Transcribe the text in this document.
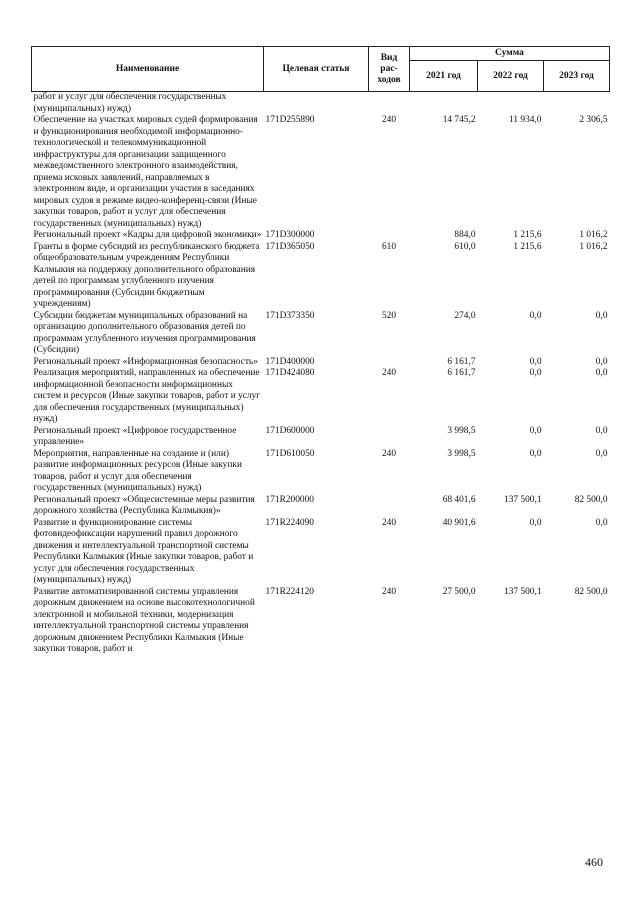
Наименование	Целевая статья	Вид рас-ходов	Сумма		
			2021 год	2022 год	2023 год
работ и услуг для обеспечения государственных (муниципальных) нужд)					
Обеспечение на участках мировых судей формирования и функционирования необходимой информационно-технологической и телекоммуникационной инфраструктуры для организации защищенного межведомственного электронного взаимодействия, приема исковых заявлений, направляемых в электронном виде, и организации участия в заседаниях мировых судов в режиме видео-конференц-связи (Иные закупки товаров, работ и услуг для обеспечения государственных (муниципальных) нужд)	171D255890	240	14 745,2	11 934,0	2 306,5
Региональный проект «Кадры для цифровой экономики»	171D300000		884,0	1 215,6	1 016,2
Гранты в форме субсидий из республиканского бюджета общеобразовательным учреждениям Республики Калмыкия на поддержку дополнительного образования детей по программам углубленного изучения программирования (Субсидии бюджетным учреждениям)	171D365050	610	610,0	1 215,6	1 016,2
Субсидии бюджетам муниципальных образований на организацию дополнительного образования детей по программам углубленного изучения программирования (Субсидии)	171D373350	520	274,0	0,0	0,0
Региональный проект «Информационная безопасность»	171D400000		6 161,7	0,0	0,0
Реализация мероприятий, направленных на обеспечение информационной безопасности информационных систем и ресурсов (Иные закупки товаров, работ и услуг для обеспечения государственных (муниципальных) нужд)	171D424080	240	6 161,7	0,0	0,0
Региональный проект «Цифровое государственное управление»	171D600000		3 998,5	0,0	0,0
Мероприятия, направленные на создание и (или) развитие информационных ресурсов (Иные закупки товаров, работ и услуг для обеспечения государственных (муниципальных) нужд)	171D610050	240	3 998,5	0,0	0,0
Региональный проект «Общесистемные меры развития дорожного хозяйства (Республика Калмыкия)»	171R200000		68 401,6	137 500,1	82 500,0
Развитие и функционирование системы фотовидеофиксации нарушений правил дорожного движения и интеллектуальной транспортной системы Республики Калмыкия (Иные закупки товаров, работ и услуг для обеспечения государственных (муниципальных) нужд)	171R224090	240	40 901,6	0,0	0,0
Развитие автоматизированной системы управления дорожным движением на основе высокотехнологичной электронной и мобильной техники, модернизация интеллектуальной транспортной системы управления дорожным движением Республики Калмыкия (Иные закупки товаров, работ и	171R224120	240	27 500,0	137 500,1	82 500,0
460
